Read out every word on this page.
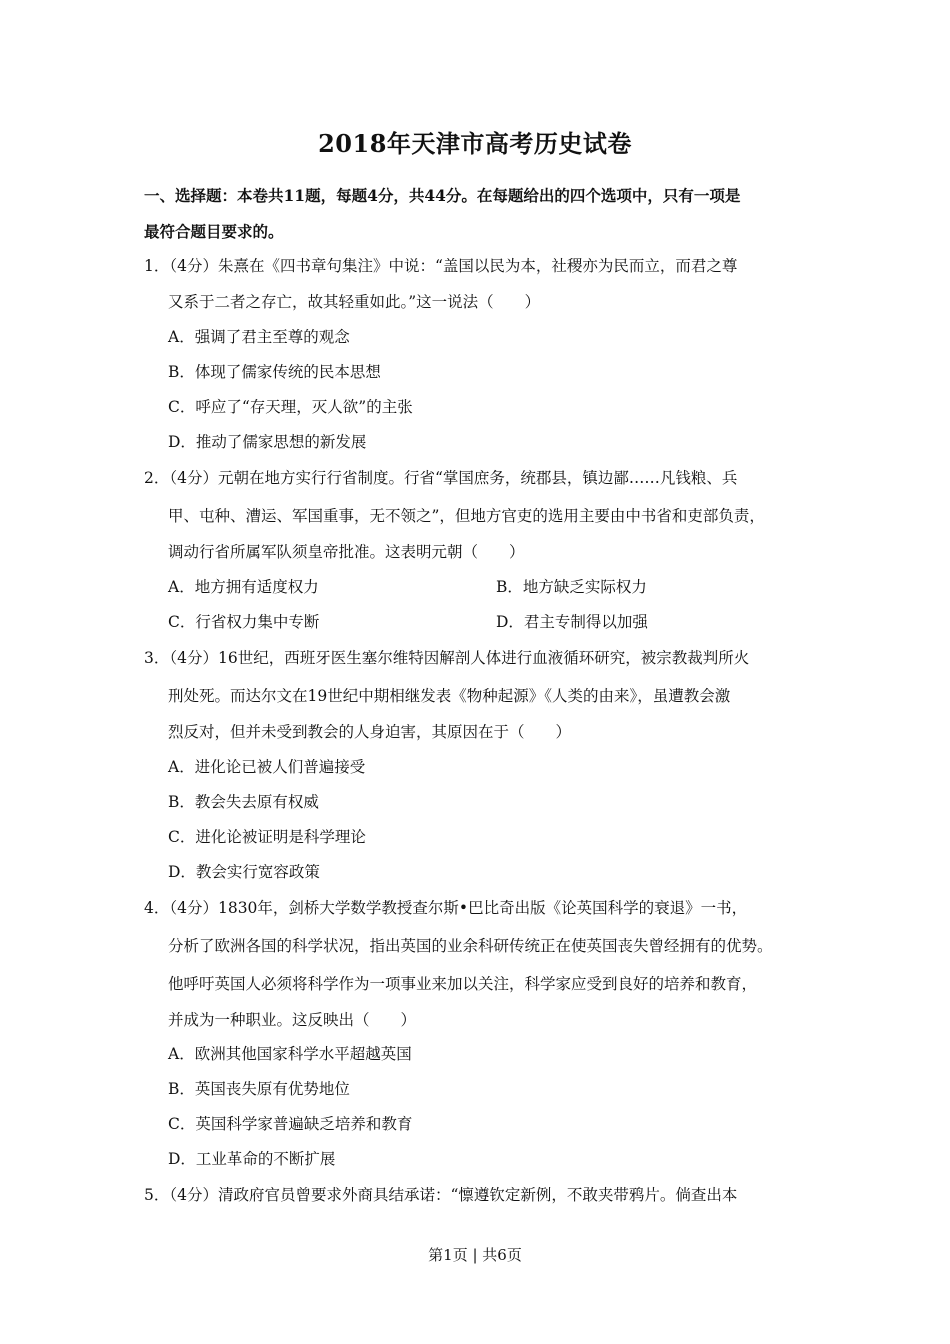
2018年天津市高考历史试卷
一、选择题：本卷共11题，每题4分，共44分。在每题给出的四个选项中，只有一项是
最符合题目要求的。
1．（4分）朱熹在《四书章句集注》中说：“盖国以民为本，社稷亦为民而立，而君之尊
又系于二者之存亡，故其轻重如此。”这一说法（　　）
A．强调了君主至尊的观念
B．体现了儒家传统的民本思想
C．呼应了“存天理，灭人欲”的主张
D．推动了儒家思想的新发展
2．（4分）元朝在地方实行行省制度。行省“掌国庶务，统郡县，镇边鄙……凡钱粮、兵
甲、屯种、漕运、军国重事，无不领之”，但地方官吏的选用主要由中书省和吏部负责，
调动行省所属军队须皇帝批准。这表明元朝（　　）
A．地方拥有适度权力	B．地方缺乏实际权力
C．行省权力集中专断	D．君主专制得以加强
3．（4分）16世纪，西班牙医生塞尔维特因解剖人体进行血液循环研究，被宗教裁判所火
刑处死。而达尔文在19世纪中期相继发表《物种起源》《人类的由来》，虽遭教会激
烈反对，但并未受到教会的人身迫害，其原因在于（　　）
A．进化论已被人们普遍接受
B．教会失去原有权威
C．进化论被证明是科学理论
D．教会实行宽容政策
4．（4分）1830年，剑桥大学数学教授查尔斯•巴比奇出版《论英国科学的衰退》一书，
分析了欧洲各国的科学状况，指出英国的业余科研传统正在使英国丧失曾经拥有的优势。
他呼吁英国人必须将科学作为一项事业来加以关注，科学家应受到良好的培养和教育，
并成为一种职业。这反映出（　　）
A．欧洲其他国家科学水平超越英国
B．英国丧失原有优势地位
C．英国科学家普遍缺乏培养和教育
D．工业革命的不断扩展
5．（4分）清政府官员曾要求外商具结承诺：“懔遵钦定新例，不敢夹带鸦片。倘查出本
第1页 | 共6页
